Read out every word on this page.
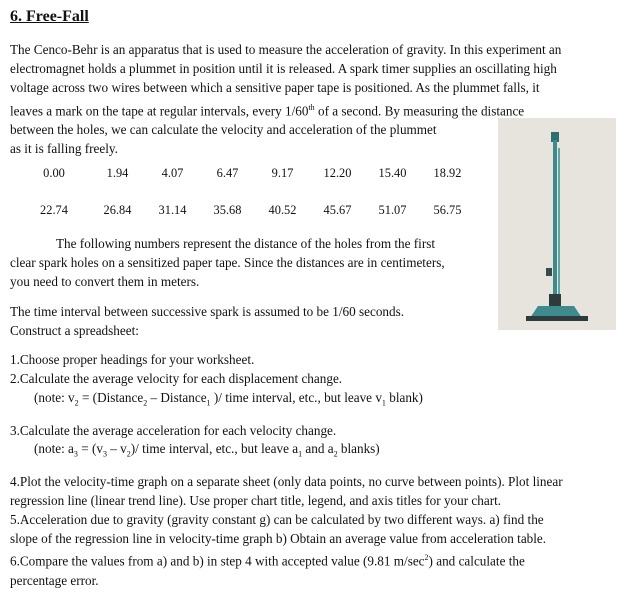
6. Free-Fall
The Cenco-Behr is an apparatus that is used to measure the acceleration of gravity. In this experiment an
electromagnet holds a plummet in position until it is released. A spark timer supplies an oscillating high
voltage across two wires between which a sensitive paper tape is positioned. As the plummet falls, it
leaves a mark on the tape at regular intervals, every 1/60th of a second. By measuring the distance
between the holes, we can calculate the velocity and acceleration of the plummet
as it is falling freely.
0.00	1.94	4.07	6.47	9.17	12.20	15.40	18.92
22.74	26.84	31.14	35.68	40.52	45.67	51.07	56.75
The following numbers represent the distance of the holes from the first
clear spark holes on a sensitized paper tape. Since the distances are in centimeters,
you need to convert them in meters.
The time interval between successive spark is assumed to be 1/60 seconds.
Construct a spreadsheet:
1.Choose proper headings for your worksheet.
2.Calculate the average velocity for each displacement change.
(note: $v_2$ = (Distance$_2$ – Distance$_1$ )/ time interval, etc., but leave $v_1$ blank)
3.Calculate the average acceleration for each velocity change.
(note: $a_3 = (v_3 - v_2)/$ time interval, etc., but leave $a_1$ and $a_2$ blanks)
4.Plot the velocity-time graph on a separate sheet (only data points, no curve between points). Plot linear
regression line (linear trend line). Use proper chart title, legend, and axis titles for your chart.
5.Acceleration due to gravity (gravity constant g) can be calculated by two different ways. a) find the
slope of the regression line in velocity-time graph b) Obtain an average value from acceleration table.
6.Compare the values from a) and b) in step 4 with accepted value (9.81 $m/\sec^2$) and calculate the
percentage error.
